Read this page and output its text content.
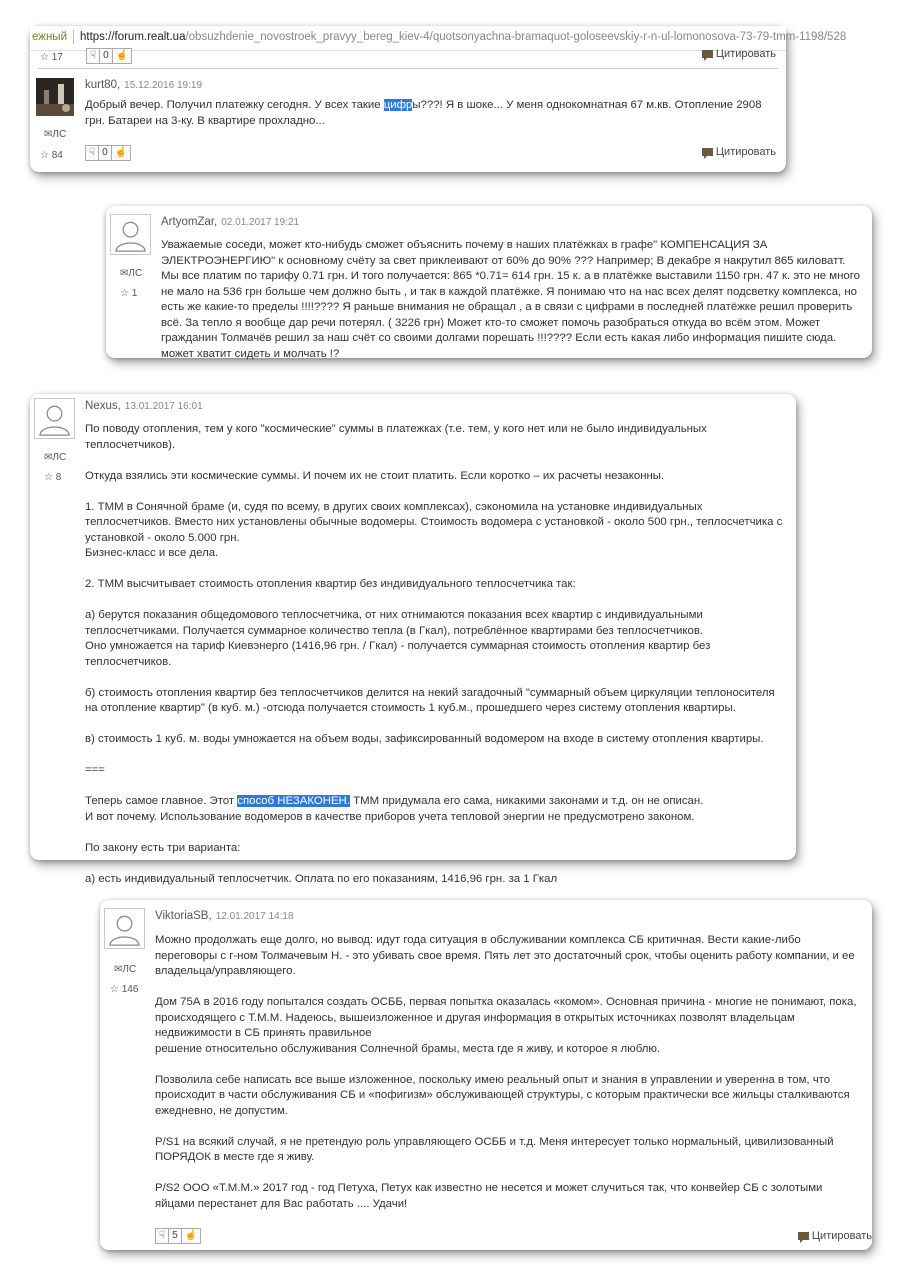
ежный https://forum.realt.ua/obsuzhdenie_novostroek_pravyy_bereg_kiev-4/quotsonyachna-bramaquot-goloseevskiy-r-n-ul-lomonosova-73-79-tmm-1198/528
☆ 17	☟ 0 ☝	Цитировать
kurt80, 15.12.2016 19:19
Добрый вечер. Получил платежку сегодня. У всех такие цифры???! Я в шоке... У меня однокомнатная 67 м.кв. Отопление 2908 грн. Батареи на 3-ку. В квартире прохладно...
✉ЛС
☆ 84	☟ 0 ☝	Цитировать
ArtyomZar, 02.01.2017 19:21

Уважаемые соседи, может кто-нибудь сможет объяснить почему в наших платёжках в графе" КОМПЕНСАЦИЯ ЗА ЭЛЕКТРОЭНЕРГИЮ" к основному счёту за свет приклеивают от 60% до 90% ??? Например; В декабре я накрутил 865 киловатт. Мы все платим по тарифу 0.71 грн. И того получается: 865 *0.71= 614 грн. 15 к. а в платёжке выставили 1150 грн. 47 к. это не много не мало на 536 грн больше чем должно быть , и так в каждой платёжке. Я понимаю что на нас всех делят подсветку комплекса, но есть же какие-то пределы !!!!???? Я раньше внимания не обращал , а в связи с цифрами в последней платёжке решил проверить всё. За тепло я вообще дар речи потерял. ( 3226 грн) Может кто-то сможет помочь разобраться откуда во всём этом. Может гражданин Толмачёв решил за наш счёт со своими долгами порешать !!!???? Если есть какая либо информация пишите сюда. может хватит сидеть и молчать !?

✉ЛС
☆ 1
Nexus, 13.01.2017 16:01
✉ЛС
☆ 8

По поводу отопления, тем у кого "космические" суммы в платежках (т.е. тем, у кого нет или не было индивидуальных теплосчетчиков).

Откуда взялись эти космические суммы. И почем их не стоит платить. Если коротко – их расчеты незаконны.

1. ТММ в Сонячной браме (и, судя по всему, в других своих комплексах), сэкономила на установке индивидуальных теплосчетчиков. Вместо них установлены обычные водомеры. Стоимость водомера с установкой - около 500 грн., теплосчетчика с установкой - около 5.000 грн.

Бизнес-класс и все дела.

2. ТММ высчитывает стоимость отопления квартир без индивидуального теплосчетчика так:

а) берутся показания общедомового теплосчетчика, от них отнимаются показания всех квартир с индивидуальными теплосчетчиками. Получается суммарное количество тепла (в Гкал), потреблённое квартирами без теплосчетчиков.

Оно умножается на тариф Киевэнерго (1416,96 грн. / Гкал) - получается суммарная стоимость отопления квартир без теплосчетчиков.

б) стоимость отопления квартир без теплосчетчиков делится на некий загадочный "суммарный объем циркуляции теплоносителя на отопление квартир" (в куб. м.) -отсюда получается стоимость 1 куб.м., прошедшего через систему отопления квартиры.

в) стоимость 1 куб. м. воды умножается на объем воды, зафиксированный водомером на входе в систему отопления квартиры.

===

Теперь самое главное. Этот способ НЕЗАКОНЕН. ТММ придумала его сама, никакими законами и т.д. он не описан.

И вот почему. Использование водомеров в качестве приборов учета тепловой энергии не предусмотрено законом.

По закону есть три варианта:

а) есть индивидуальный теплосчетчик. Оплата по его показаниям, 1416,96 грн. за 1 Гкал

ViktoriaSB, 12.01.2017 14:18
✉ЛС
☆ 146

Можно продолжать еще долго, но вывод: идут года ситуация в обслуживании комплекса СБ критичная. Вести какие-либо переговоры с г-ном Толмачевым Н. - это убивать свое время. Пять лет это достаточный срок, чтобы оценить работу компании, и ее владельца/управляющего.

Дом 75А в 2016 году попытался создать ОСББ, первая попытка оказалась «комом». Основная причина - многие не понимают, пока, происходящего с Т.М.М. Надеюсь, вышеизложенное и другая информация в открытых источниках позволят владельцам недвижимости в СБ принять правильное

решение относительно обслуживания Солнечной брамы, места где я живу, и которое я люблю.

Позволила себе написать все выше изложенное, поскольку имею реальный опыт и знания в управлении и уверенна в том, что происходит в части обслуживания СБ и «пофигизм» обслуживающей структуры, с которым практически все жильцы сталкиваются ежедневно, не допустим.

P/S1 на всякий случай, я не претендую роль управляющего ОСББ и т.д. Меня интересует только нормальный, цивилизованный ПОРЯДОК в месте где я живу.

P/S2 ООО «Т.М.М.» 2017 год - год Петуха, Петух как известно не несется и может случиться так, что конвейер СБ с золотыми яйцами перестанет для Вас работать .... Удачи!

☟ 5 ☝	Цитировать
